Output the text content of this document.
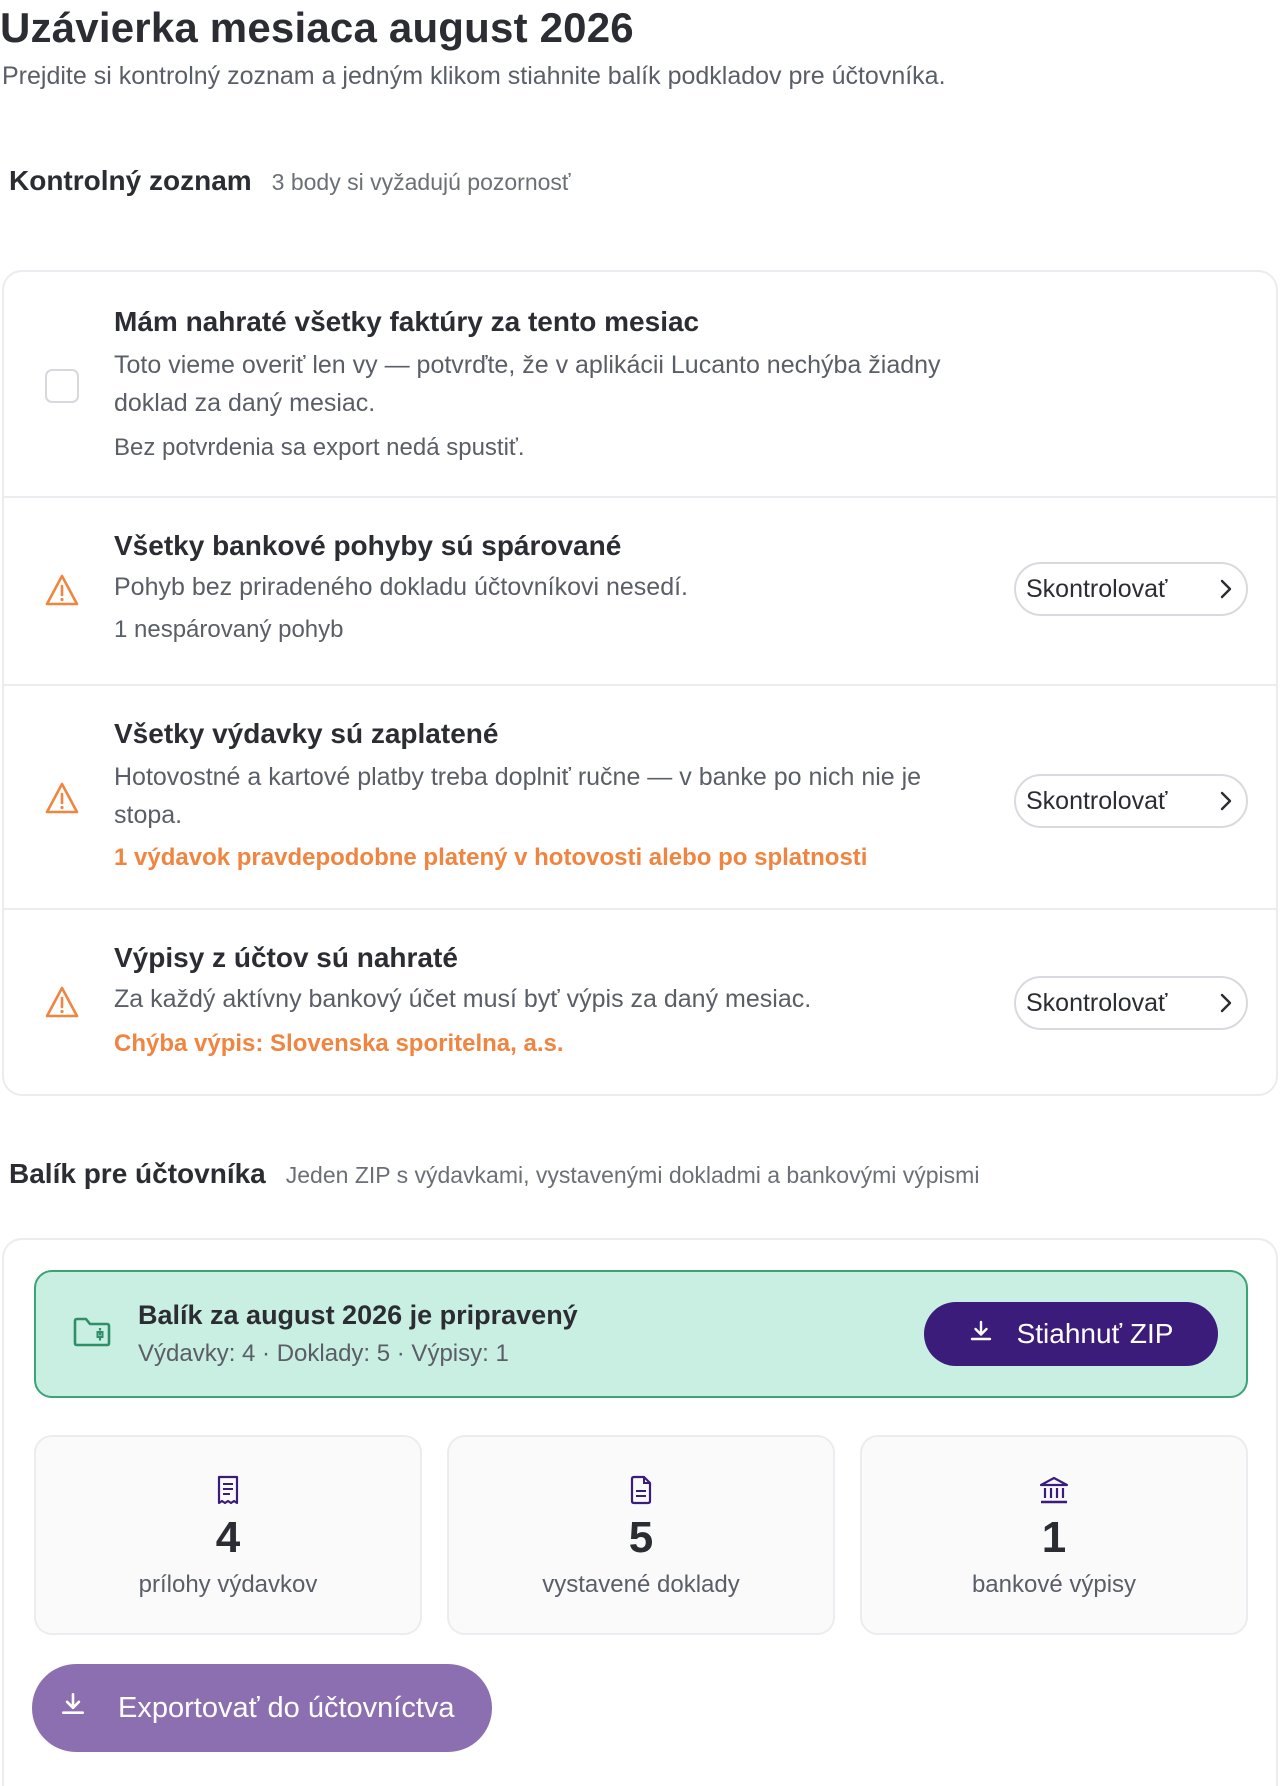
Uzávierka mesiaca august 2026

Prejdite si kontrolný zoznam a jedným klikom stiahnite balík podkladov pre účtovníka.

Kontrolný zoznam 3 body si vyžadujú pozornosť
Mám nahraté všetky faktúry za tento mesiac
Toto vieme overiť len vy — potvrďte, že v aplikácii Lucanto nechýba žiadny doklad za daný mesiac.
Bez potvrdenia sa export nedá spustiť.
Všetky bankové pohyby sú spárované
Pohyb bez priradeného dokladu účtovníkovi nesedí.
1 nespárovaný pohyb
Skontrolovať
Všetky výdavky sú zaplatené
Hotovostné a kartové platby treba doplniť ručne — v banke po nich nie je stopa.
1 výdavok pravdepodobne platený v hotovosti alebo po splatnosti
Skontrolovať
Výpisy z účtov sú nahraté
Za každý aktívny bankový účet musí byť výpis za daný mesiac.
Chýba výpis: Slovenska sporitelna, a.s.
Skontrolovať
Balík pre účtovníka Jeden ZIP s výdavkami, vystavenými dokladmi a bankovými výpismi
Balík za august 2026 je pripravený
Výdavky: 4 · Doklady: 5 · Výpisy: 1
Stiahnuť ZIP
4
prílohy výdavkov
5
vystavené doklady
1
bankové výpisy
Exportovať do účtovníctva
